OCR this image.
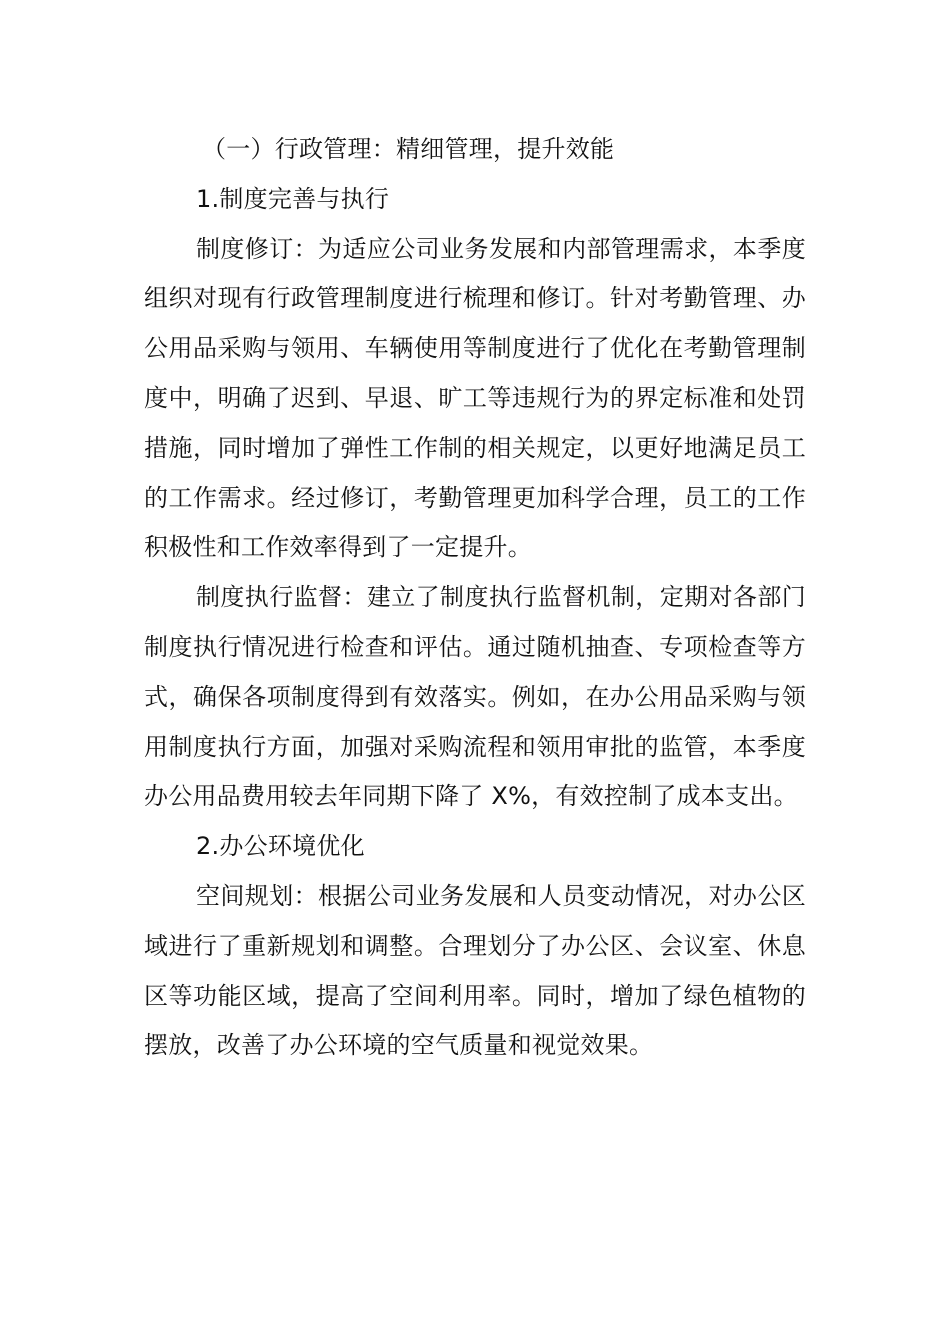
（一）行政管理：精细管理，提升效能

1.制度完善与执行

制度修订：为适应公司业务发展和内部管理需求，本季度组织对现有行政管理制度进行梳理和修订。针对考勤管理、办公用品采购与领用、车辆使用等制度进行了优化在考勤管理制度中，明确了迟到、早退、旷工等违规行为的界定标准和处罚措施，同时增加了弹性工作制的相关规定，以更好地满足员工的工作需求。经过修订，考勤管理更加科学合理，员工的工作积极性和工作效率得到了一定提升。

制度执行监督：建立了制度执行监督机制，定期对各部门制度执行情况进行检查和评估。通过随机抽查、专项检查等方式，确保各项制度得到有效落实。例如，在办公用品采购与领用制度执行方面，加强对采购流程和领用审批的监管，本季度办公用品费用较去年同期下降了 X%，有效控制了成本支出。

2.办公环境优化

空间规划：根据公司业务发展和人员变动情况，对办公区域进行了重新规划和调整。合理划分了办公区、会议室、休息区等功能区域，提高了空间利用率。同时，增加了绿色植物的摆放，改善了办公环境的空气质量和视觉效果。
